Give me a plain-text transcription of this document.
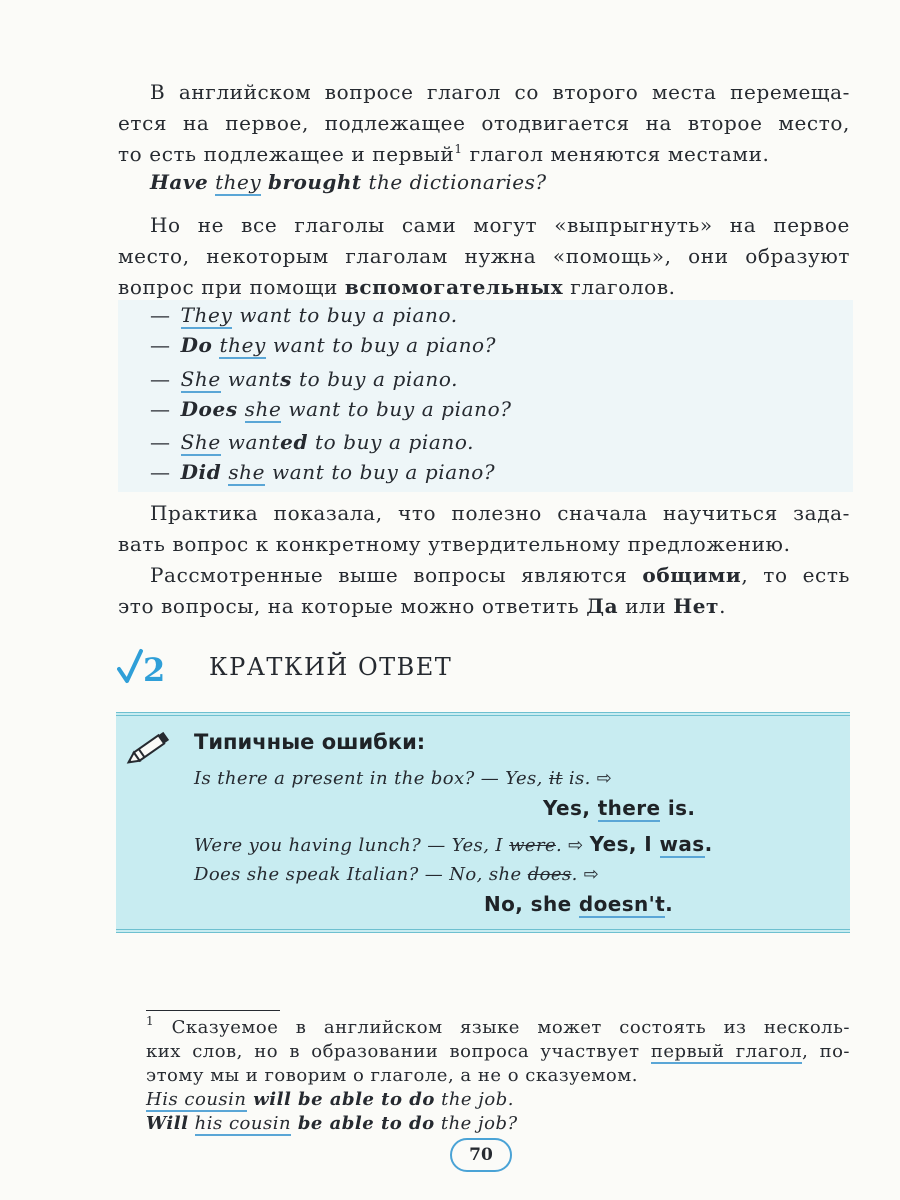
В английском вопросе глагол со второго места перемеща-
ется на первое, подлежащее отодвигается на второе место,
то есть подлежащее и первый$^1$ глагол меняются местами.
Have they brought the dictionaries?
Но не все глаголы сами могут «выпрыгнуть» на первое
место, некоторым глаголам нужна «помощь», они образуют
вопрос при помощи вспомогательных глаголов.
— They want to buy a piano.
— Do they want to buy a piano?
— She wants to buy a piano.
— Does she want to buy a piano?
— She wanted to buy a piano.
— Did she want to buy a piano?
Практика показала, что полезно сначала научиться зада-
вать вопрос к конкретному утвердительному предложению.
Рассмотренные выше вопросы являются общими, то есть
это вопросы, на которые можно ответить Да или Нет.
2 КРАТКИЙ ОТВЕТ
Типичные ошибки:
Is there a present in the box? — Yes, it is. ⇨
Yes, there is.
Were you having lunch? — Yes, I were. ⇨ Yes, I was.
Does she speak Italian? — No, she does. ⇨
No, she doesn't.
$^1$ Сказуемое в английском языке может состоять из несколь-
ких слов, но в образовании вопроса участвует первый глагол, по-
этому мы и говорим о глаголе, а не о сказуемом.
His cousin will be able to do the job.
Will his cousin be able to do the job?
70
